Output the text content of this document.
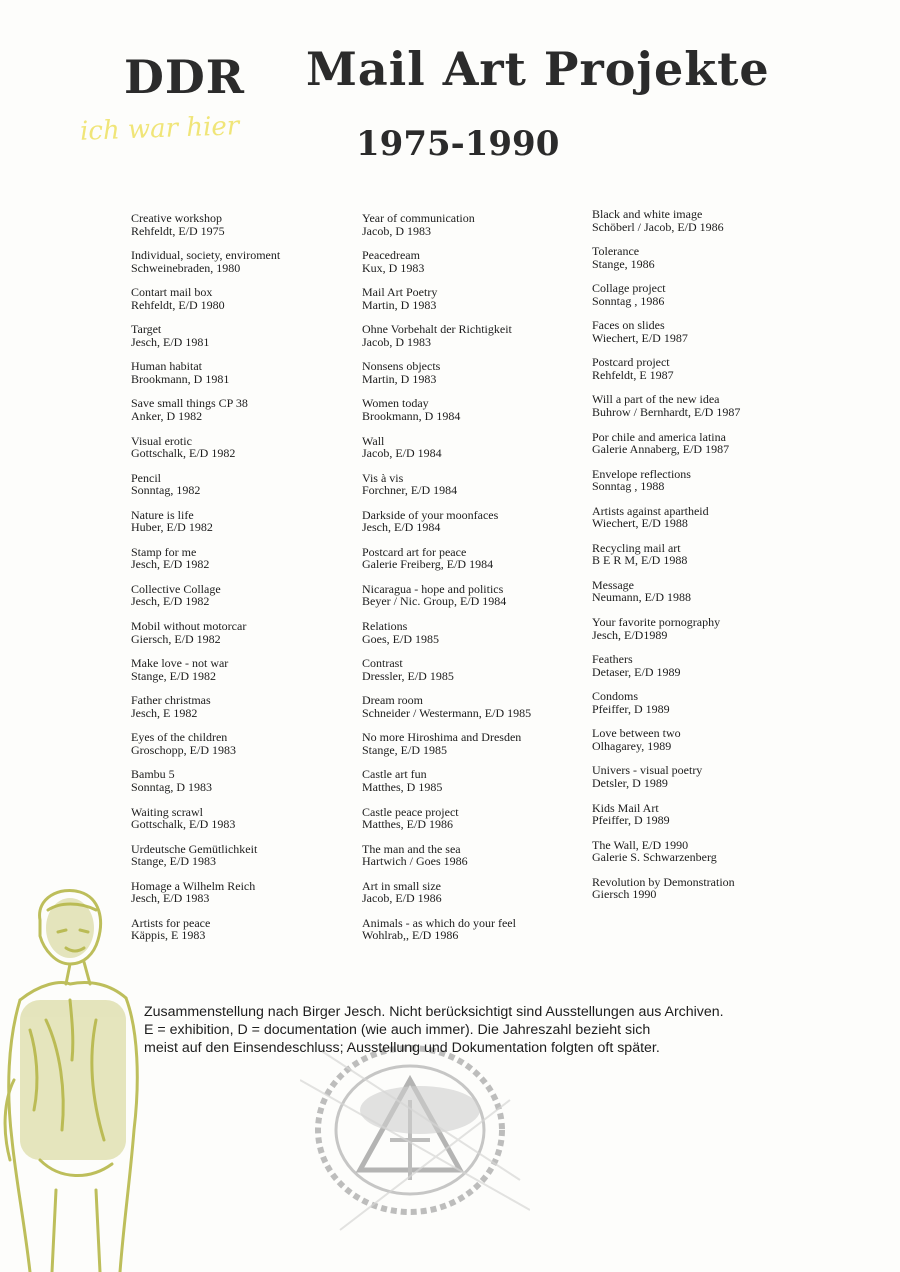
DDR Mail Art Projekte
ich war hier	1975-1990
Creative workshop
Rehfeldt, E/D 1975
Individual, society, enviroment
Schweinebraden, 1980
Contart mail box
Rehfeldt, E/D 1980
Target
Jesch, E/D 1981
Human habitat
Brookmann, D 1981
Save small things CP 38
Anker, D 1982
Visual erotic
Gottschalk, E/D 1982
Pencil
Sonntag, 1982
Nature is life
Huber, E/D 1982
Stamp for me
Jesch, E/D 1982
Collective Collage
Jesch, E/D 1982
Mobil without motorcar
Giersch, E/D 1982
Make love - not war
Stange, E/D 1982
Father christmas
Jesch, E 1982
Eyes of the children
Groschopp, E/D 1983
Bambu 5
Sonntag, D 1983
Waiting scrawl
Gottschalk, E/D 1983
Urdeutsche Gemütlichkeit
Stange, E/D 1983
Homage a Wilhelm Reich
Jesch, E/D 1983
Artists for peace
Käppis, E 1983
Year of communication
Jacob, D 1983
Peacedream
Kux, D 1983
Mail Art Poetry
Martin, D 1983
Ohne Vorbehalt der Richtigkeit
Jacob, D 1983
Nonsens objects
Martin, D 1983
Women today
Brookmann, D 1984
Wall
Jacob, E/D 1984
Vis à vis
Forchner, E/D 1984
Darkside of your moonfaces
Jesch, E/D 1984
Postcard art for peace
Galerie Freiberg, E/D 1984
Nicaragua - hope and politics
Beyer / Nic. Group, E/D 1984
Relations
Goes, E/D 1985
Contrast
Dressler, E/D 1985
Dream room
Schneider / Westermann, E/D 1985
No more Hiroshima and Dresden
Stange, E/D 1985
Castle art fun
Matthes, D 1985
Castle peace project
Matthes, E/D 1986
The man and the sea
Hartwich / Goes 1986
Art in small size
Jacob, E/D 1986
Animals - as which do your feel
Wohlrab,, E/D 1986
Black and white image
Schöberl / Jacob, E/D 1986
Tolerance
Stange, 1986
Collage project
Sonntag , 1986
Faces on slides
Wiechert, E/D 1987
Postcard project
Rehfeldt, E 1987
Will a part of the new idea
Buhrow / Bernhardt, E/D 1987
Por chile and america latina
Galerie Annaberg, E/D 1987
Envelope reflections
Sonntag , 1988
Artists against apartheid
Wiechert, E/D 1988
Recycling mail art
B E R M, E/D 1988
Message
Neumann, E/D 1988
Your favorite pornography
Jesch, E/D1989
Feathers
Detaser, E/D 1989
Condoms
Pfeiffer, D 1989
Love between two
Olhagarey, 1989
Univers - visual poetry
Detsler, D 1989
Kids Mail Art
Pfeiffer, D 1989
The Wall, E/D 1990
Galerie S. Schwarzenberg
Revolution by Demonstration
Giersch 1990
Zusammenstellung nach Birger Jesch. Nicht berücksichtigt sind Ausstellungen aus Archiven.
E = exhibition, D = documentation (wie auch immer). Die Jahreszahl bezieht sich
meist auf den Einsendeschluss; Ausstellung und Dokumentation folgten oft später.
